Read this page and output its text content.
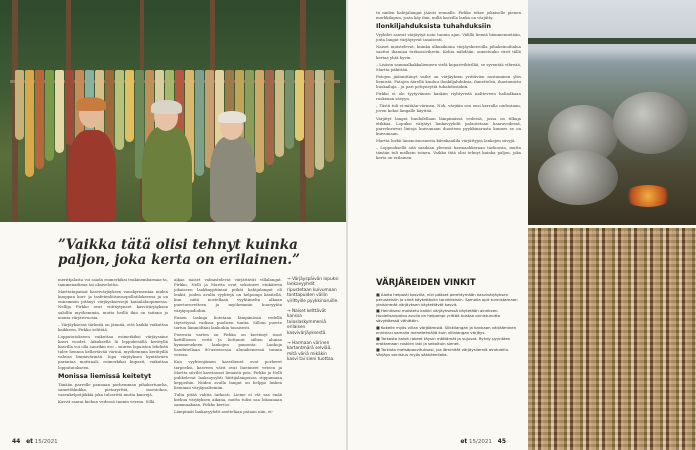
”Vaikka tätä olisi tehnyt kuinka paljon, joka kerta on erilainen.”

merittjalasta voi saada esimerkiksi tenkinembarmaa-ta, tammenarkeaa tai oksivelottia.

Marttatapamat kasvivärjäyksen vauskyrmennia niiden kuoppan kori- ja tasfetenlöisuusopollatilokseesa ja on ennemmin pitänyt värjäyskurssejä kainalalaopimessa. Nellija Pirkko ovat viittäytyneet kasvivärjäyksen salollin myöhemmin, mutta heillä ikin on taitana jo monta värjärivuosia.

– Värjäyksessä tärkeää on jännää, että kaikki vaikuttaa kaikkeen, Pirkko selittää.

Loppututokseen vaikuttaa esimerkiksi värjäysaine kasvi vuodet. Aikuksellä lä loppukesällä kerätyllä kasvilla voi olla suurikin ero – suuren lopuisten lehdistä tulee hennoa kellertävää värinä, myöhemmin kerätyillä vahvaa limmivärinää. Iopa värjäyksen kynttäväen parantaa mattraali, esimerkiksi kuparit, vaikuttaa loppututokseen.

Monissa liemissä keitetyt

Tänään parrelle pannaan porhemman pihakertuarlia, sametthkukka, pietaryrttiä, morsiokoa, vasenkelpotjäkkiä joka tulosrittä mutta kanvejä.

Kasvit saarai kiehua vedessä tunnin verran. Sillä

aikaa naiset valmistelevat värjättävät villalangat. Pirkko, Nelli ja Martta ovat sekoineet etukäteen jokaiseen laakkayptiiniaä pitkät hahtjalangat eli lenkit, joiden avulla vyyhtejä on helpompi käsitellä, kun niitä nostellaan vyyhtimelta alkaan puerturuvetteen ja myöhemmin huuryytön värjäyspadoihin.

Ennen laskuja liotetaan lämpimässä vedellä täytettyssä vadissa puolisen tuntia. Silloin puerte tartuu lämmöltäni lankoihin tasaisesti.

Puerrata varten on Pirkko on kerttinyt isoot kattilliseen vettä ja liottanut siihen alunaa kymmenekeen lankojen pamonta. Lankoja haudutellaan 80-asteisessa alunaliemessä tunnin verran.

Kun vyyhtenjämen kasvilienet ovat porheret tarpeeksi, kasveen värit ovat liuenneet veteen ja Martta siivilöi kasvinosat liemistä pois. Pirkko ja Nelli puhkelevat laaksoysyhti hiittijalangoissa riippumaan keppeihin. Niiden avulla langat on helppo laskea liemiaan värjäysaltemiin.

Tulta pitää vahtia tarkasti. Lieme ei vät saa enää kiehua värjäyksen aikana, mutta tulisi saa lokoanaan sammuakaan, Pirkko kertoo.

Lämpimät lankavyyhdit asettelaan pataan niin, et-

→ Värjäyspäivän lopuksi lankavyyhdit ripustetaan kuivumaan tonttapuiden väliin virittyille pyykkinaruille.

→ Naiset kelttävät kanssa tuloslaskymmeniä erilaisen kasvivärjäyksestä.

→ Harmaan värinen kartantmärä selviää, mitä väriä mikäkin kasvi tai sieni tuottaa.

44 et 15/2021

tä niiden hahtjalangat jäävät reunalle. Pirkko tekee jokaiselle pienen merkkilapun, josta käy ilmi, millä kasvilla lanka on värjätty.

Ilonkiljahduksista tuhahduksiin

Vyyhdet saavat värjäytyä noin tunnin ajan. Välillä liemiä hämmennetään, jotta langat värjäytyvät tasaisesti.

Naiset muistelevat, kuinka alkuaikoina värjäyskerroilla pihakeinoihalua saattoi ihannaa turkoosivihrein. Kohta nähdään, onnistuuko värit tällä kertaa yhtä hyvin.

– Lisäsin sammalkakkaliemeen vielä kuparivihtrilliä, se syventää vihreää, Martta pähittää.

Patojen jäännittänyt vaihe on värjäyksen yrittävien nostaminen ylös liemistä. Patojen äärellä kuuluu ilonkiljahduksia, ihmetteleä, ihastumistu huokailuja – ja pari pettyneyttä tuhahdustakin.

Pirkko ei ole tyytyväinen kaskiin riyhtyvistä naltteveen haltadkaan ruskeaan sävyyn.

– Tästä tuli ei-mitään-värinen. Noh, värjään sen ensi kerralla uudestaan, joven kokoi langalle käyttöä.

Värjätyt langat huuhdellaan lämpimässä vedessä, jossa on tilkuja etikkaa. Lopuksi värjätyt lankavyyhdit palautetaan haaravedessä, parrelnrievat lintoja kuivumaan duosteen pyykkinarusta kunnes se on kuivumaan.

Martta lurkii lanenosnosnesta käenkaailila värjättyjen lankojen sävyjä.

– Loppuoksellä sitä saadaan yleensä harmaahkeraan turkoosin, mutta tänään tuli melkein toinen. Vaikka tätä olisi tehnyt kuinka paljon, joka kerta on erilainen.

VÄRJÄREIDEN VINKIT

■ Aloita helposti kasvilla, niin pääset perehtymään kasvivärjäyksen perusteisiin ja siinä käytettäviin tarvikkeisiin. Samalla opit tunnistamaan yleisimmät värjäyksen käytettävät kasvit.

■ Heiniksesi maistetu kaikki värjäyksessä käytetään aineksen. Huolelisanpolou avulla on helpompi yrittää toistaa onnistunutta sävyttäessä vähittäin.

■ Kokeile myös villan värjäämistä. Silkkilangan ja kankaan värjääminen onnistuu samalla menetelmällä kuin villalangan värjäys.

■ Tarkasta kalvit rakeet täysin mättämät ja sujuvat. Ryhdy pyyntäen erottamaan roskien laki ja sekoituin sienet.

■ Tarkista metsäpoovituksesi, jos lämmität värjäysliemiä avotulella. Värjäys onnistuu myös sähköhellalla.

et 15/2021 45
